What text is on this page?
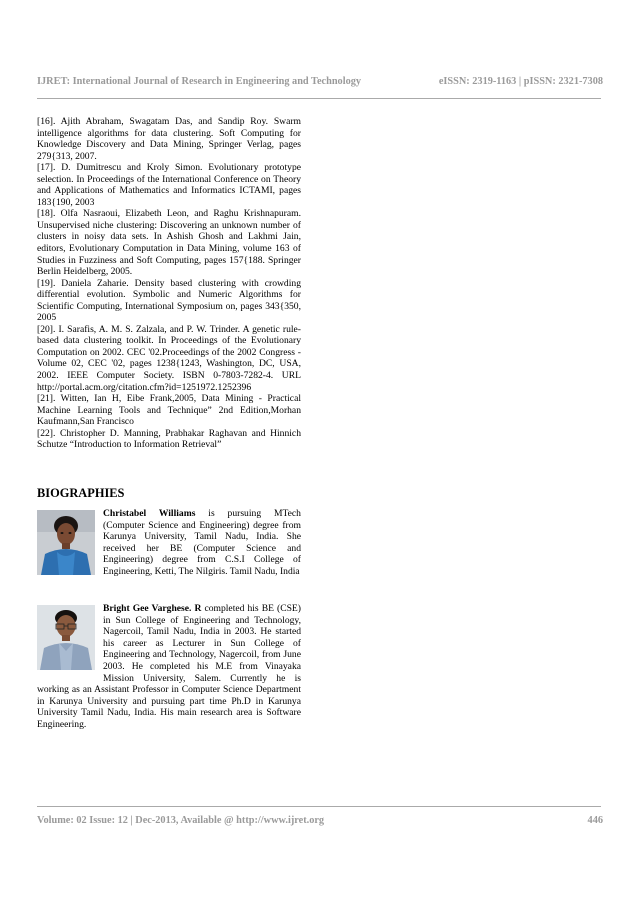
IJRET: International Journal of Research in Engineering and Technology	eISSN: 2319-1163 | pISSN: 2321-7308

[16]. Ajith Abraham, Swagatam Das, and Sandip Roy. Swarm intelligence algorithms for data clustering. Soft Computing for Knowledge Discovery and Data Mining, Springer Verlag, pages 279{313, 2007.

[17]. D. Dumitrescu and Kroly Simon. Evolutionary prototype selection. In Proceedings of the International Conference on Theory and Applications of Mathematics and Informatics ICTAMI, pages 183{190, 2003

[18]. Olfa Nasraoui, Elizabeth Leon, and Raghu Krishnapuram. Unsupervised niche clustering: Discovering an unknown number of clusters in noisy data sets. In Ashish Ghosh and Lakhmi Jain, editors, Evolutionary Computation in Data Mining, volume 163 of Studies in Fuzziness and Soft Computing, pages 157{188. Springer Berlin Heidelberg, 2005.

[19]. Daniela Zaharie. Density based clustering with crowding differential evolution. Symbolic and Numeric Algorithms for Scientific Computing, International Symposium on, pages 343{350, 2005

[20]. I. Sarafis, A. M. S. Zalzala, and P. W. Trinder. A genetic rule-based data clustering toolkit. In Proceedings of the Evolutionary Computation on 2002. CEC '02.Proceedings of the 2002 Congress - Volume 02, CEC '02, pages 1238{1243, Washington, DC, USA, 2002. IEEE Computer Society. ISBN 0-7803-7282-4. URL

http://portal.acm.org/citation.cfm?id=1251972.1252396

[21]. Witten, Ian H, Eibe Frank,2005, Data Mining - Practical Machine Learning Tools and Technique” 2nd Edition,Morhan Kaufmann,San Francisco

[22]. Christopher D. Manning, Prabhakar Raghavan and Hinnich Schutze “Introduction to Information Retrieval”

BIOGRAPHIES
Christabel Williams is pursuing MTech (Computer Science and Engineering) degree from Karunya University, Tamil Nadu, India. She received her BE (Computer Science and Engineering) degree from C.S.I College of Engineering, Ketti, The Nilgiris. Tamil Nadu, India
Bright Gee Varghese. R completed his BE (CSE) in Sun College of Engineering and Technology, Nagercoil, Tamil Nadu, India in 2003. He started his career as Lecturer in Sun College of Engineering and Technology, Nagercoil, from June 2003. He completed his M.E from Vinayaka Mission University, Salem. Currently he is working as an Assistant Professor in Computer Science Department in Karunya University and pursuing part time Ph.D in Karunya University Tamil Nadu, India. His main research area is Software Engineering.
Volume: 02 Issue: 12 | Dec-2013, Available @ http://www.ijret.org	446
